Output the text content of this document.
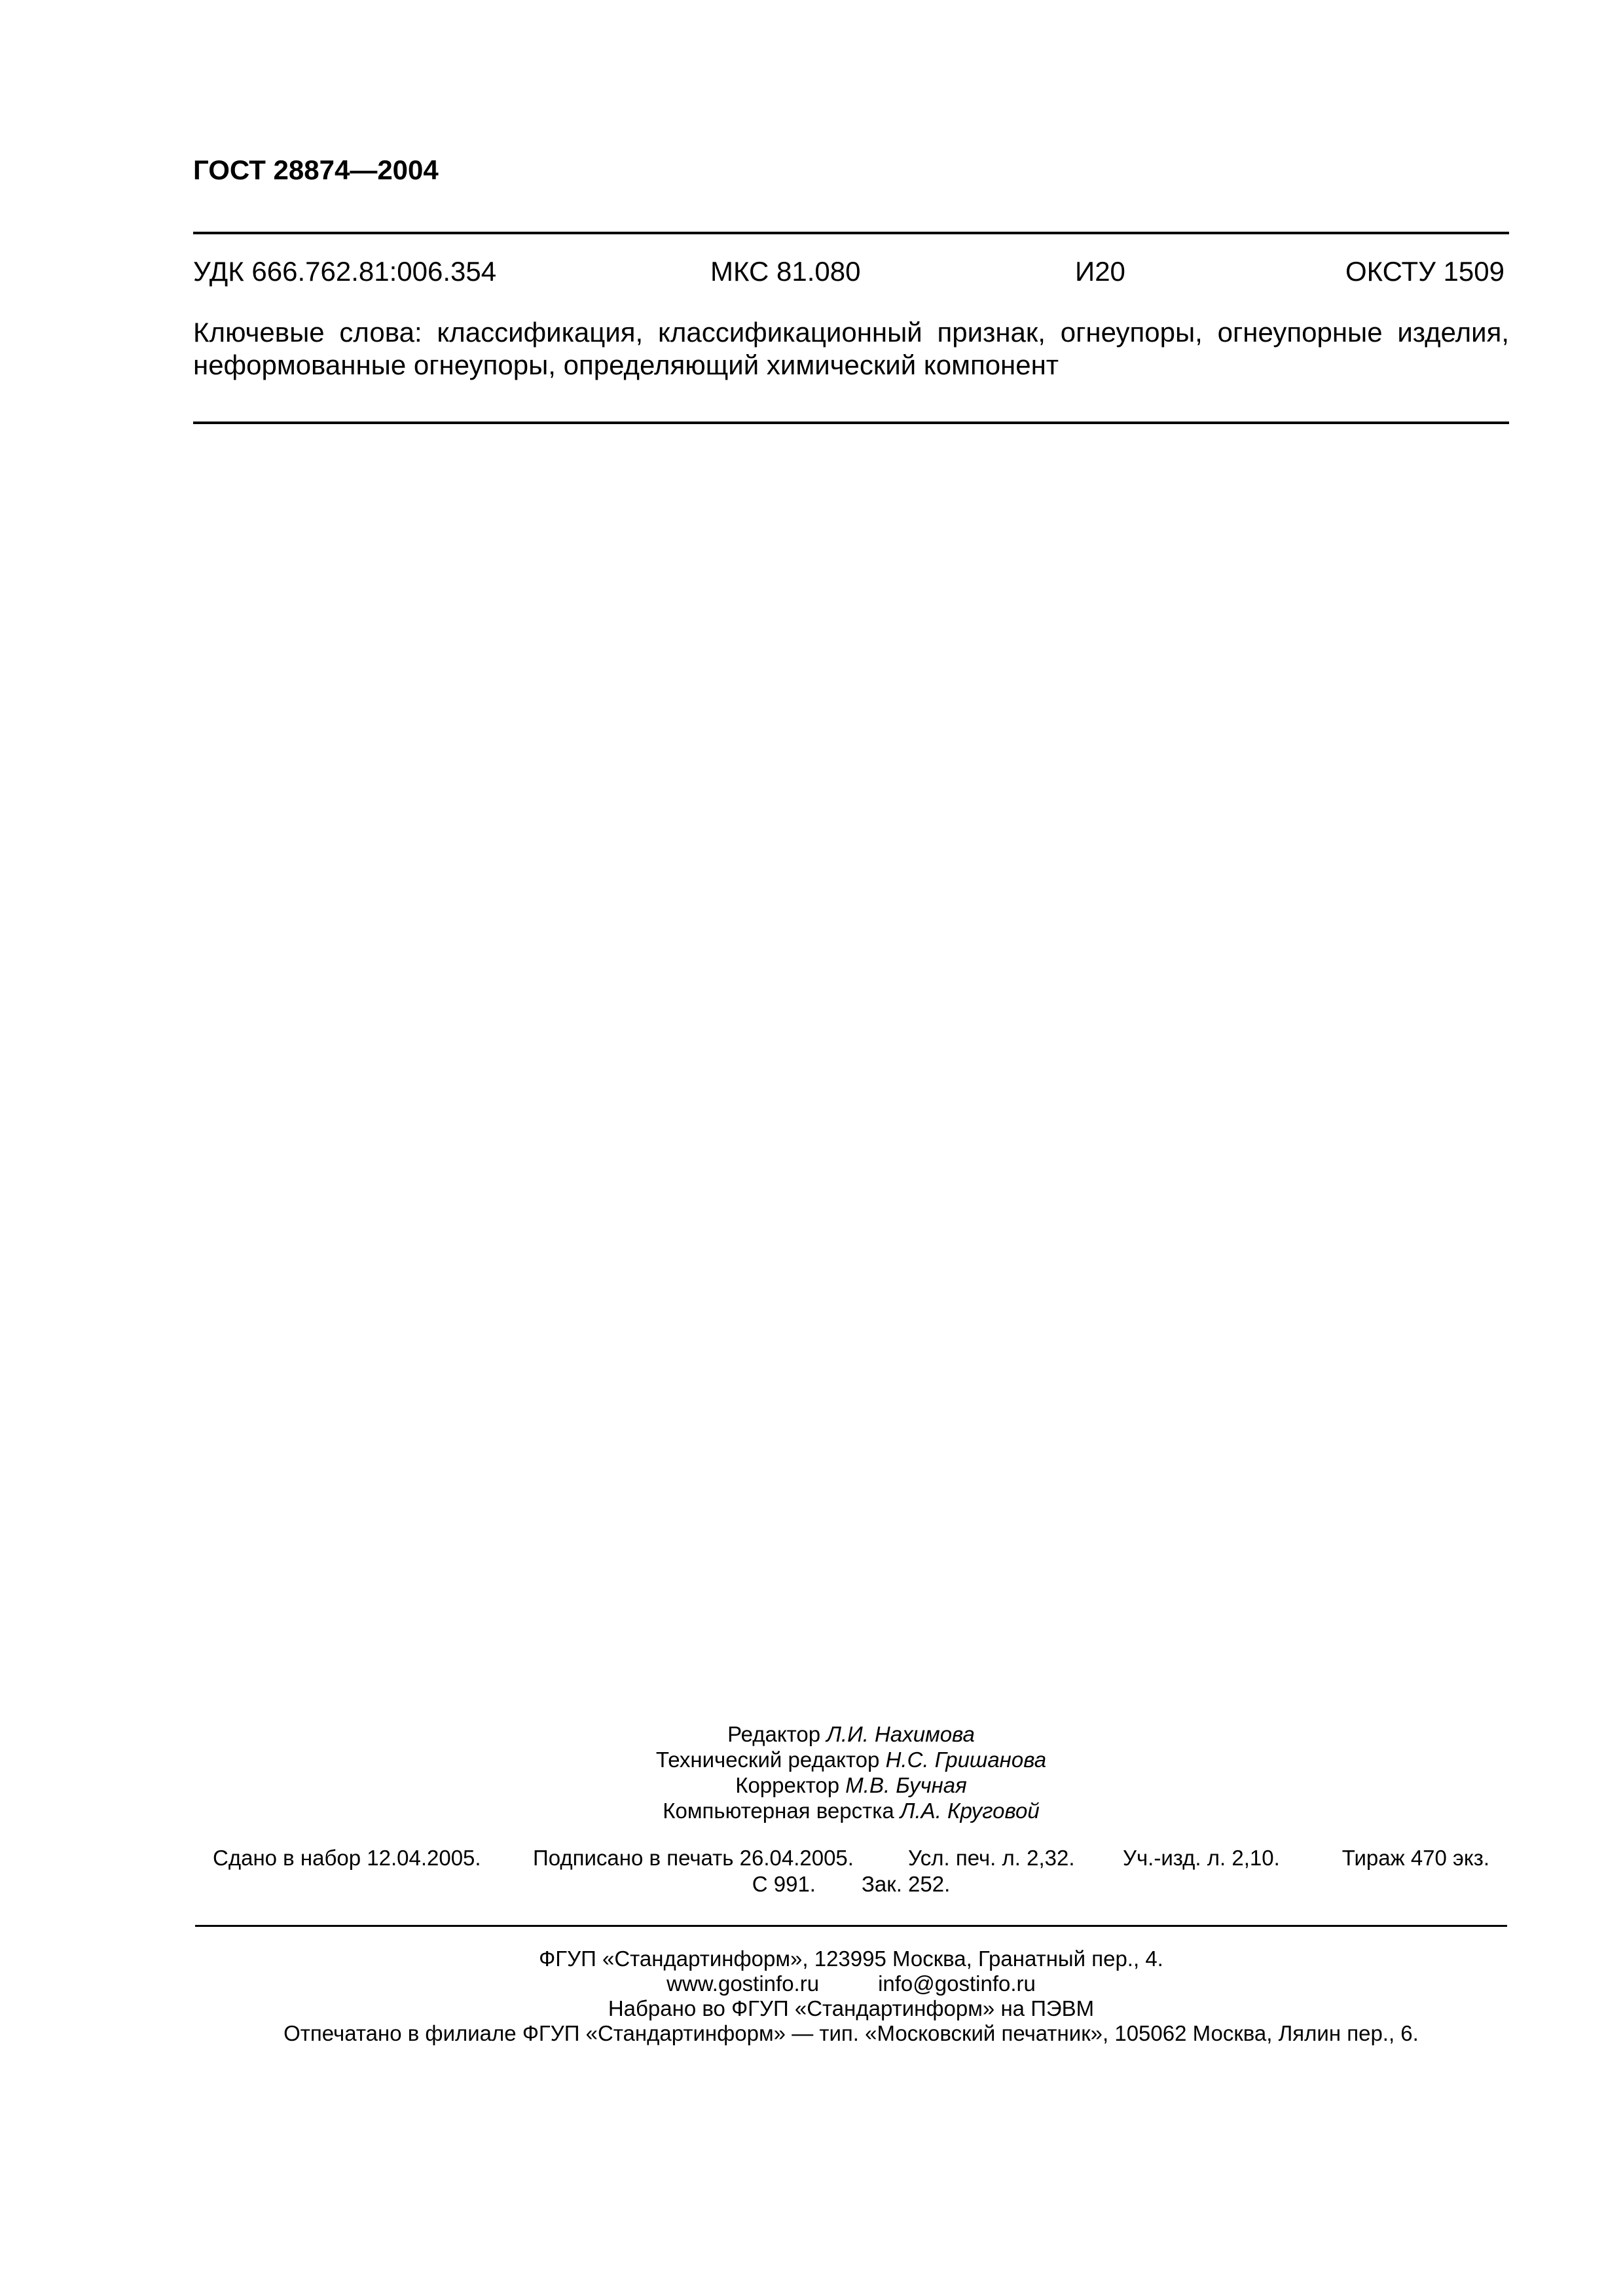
ГОСТ 28874—2004
УДК 666.762.81:006.354	МКС 81.080	И20	ОКСТУ 1509
Ключевые слова: классификация, классификационный признак, огнеупоры, огнеупорные изделия, неформованные огнеупоры, определяющий химический компонент
Редактор Л.И. Нахимова
Технический редактор Н.С. Гришанова
Корректор М.В. Бучная
Компьютерная верстка Л.А. Круговой
Сдано в набор 12.04.2005. Подписано в печать 26.04.2005.	Усл. печ. л. 2,32. Уч.-изд. л. 2,10.	Тираж 470 экз.
С 991. Зак. 252.
ФГУП «Стандартинформ», 123995 Москва, Гранатный пер., 4.
www.gostinfo.ru	info@gostinfo.ru
Набрано во ФГУП «Стандартинформ» на ПЭВМ
Отпечатано в филиале ФГУП «Стандартинформ» — тип. «Московский печатник», 105062 Москва, Лялин пер., 6.
